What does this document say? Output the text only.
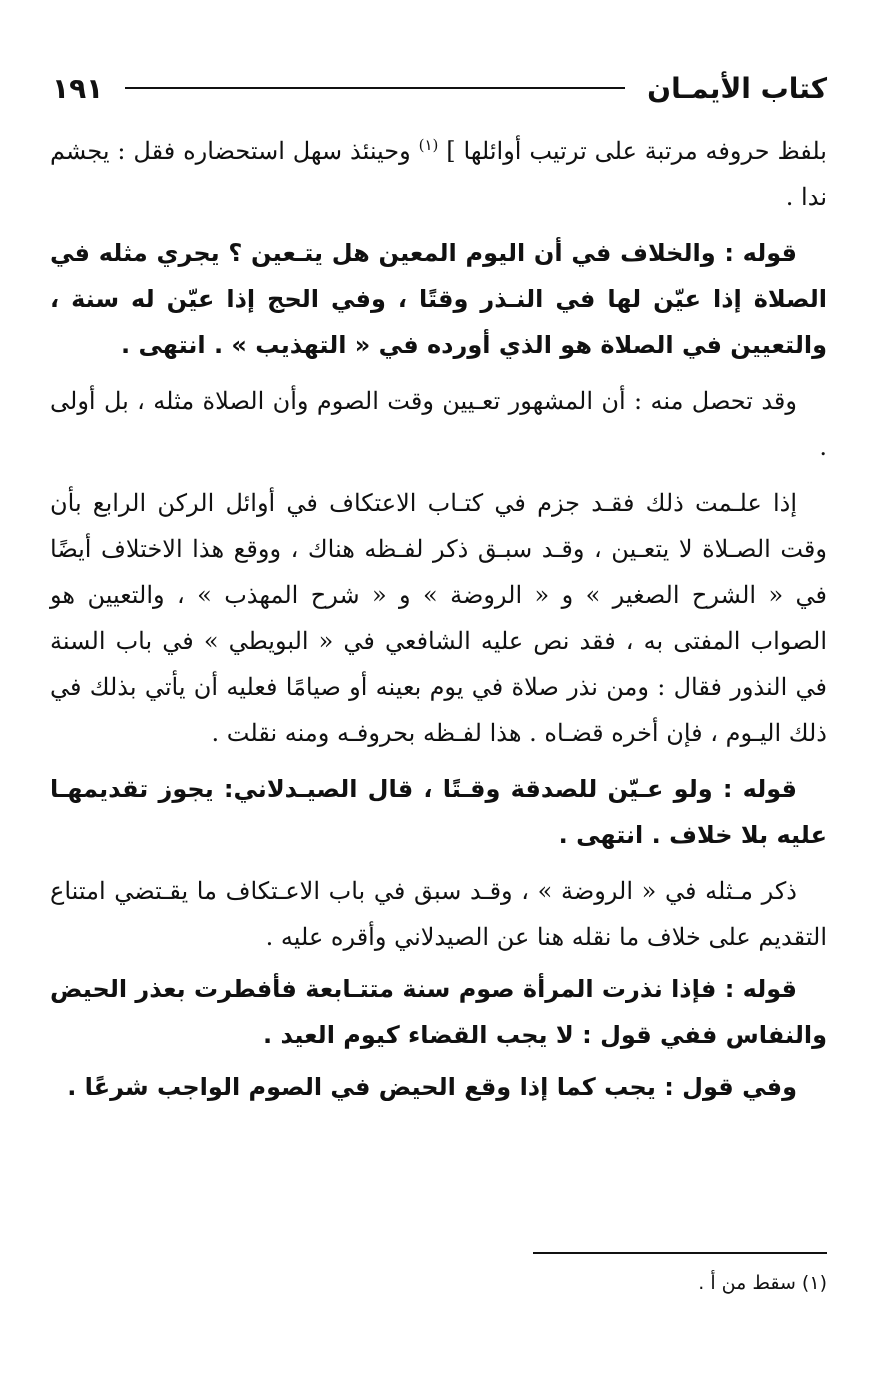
كتاب الأيمـان
١٩١

بلفظ حروفه مرتبة على ترتيب أوائلها ] $^{(١)}$ وحينئذ سهل استحضاره فقل : يجشم ندا .

قوله : والخلاف في أن اليوم المعين هل يتـعين ؟ يجري مثله في الصلاة إذا عيّن لها في النـذر وقتًا ، وفي الحج إذا عيّن له سنة ، والتعيين في الصلاة هو الذي أورده في « التهذيب » . انتهى .

وقد تحصل منه : أن المشهور تعـيين وقت الصوم وأن الصلاة مثله ، بل أولى .

إذا علـمت ذلك فقـد جزم في كتـاب الاعتكاف في أوائل الركن الرابع بأن وقت الصـلاة لا يتعـين ، وقـد سبـق ذكر لفـظه هناك ، ووقع هذا الاختلاف أيضًا في « الشرح الصغير » و « الروضة » و « شرح المهذب » ، والتعيين هو الصواب المفتى به ، فقد نص عليه الشافعي في « البويطي » في باب السنة في النذور فقال : ومن نذر صلاة في يوم بعينه أو صيامًا فعليه أن يأتي بذلك في ذلك اليـوم ، فإن أخره قضـاه . هذا لفـظه بحروفـه ومنه نقلت .

قوله : ولو عـيّن للصدقة وقـتًا ، قال الصيـدلاني: يجوز تقديمهـا عليه بلا خلاف . انتهى .

ذكر مـثله في « الروضة » ، وقـد سبق في باب الاعـتكاف ما يقـتضي امتناع التقديم على خلاف ما نقله هنا عن الصيدلاني وأقره عليه .

قوله : فإذا نذرت المرأة صوم سنة متتـابعة فأفطرت بعذر الحيض والنفاس ففي قول : لا يجب القضاء كيوم العيد .

وفي قول : يجب كما إذا وقع الحيض في الصوم الواجب شرعًا .

(١) سقط من أ .
